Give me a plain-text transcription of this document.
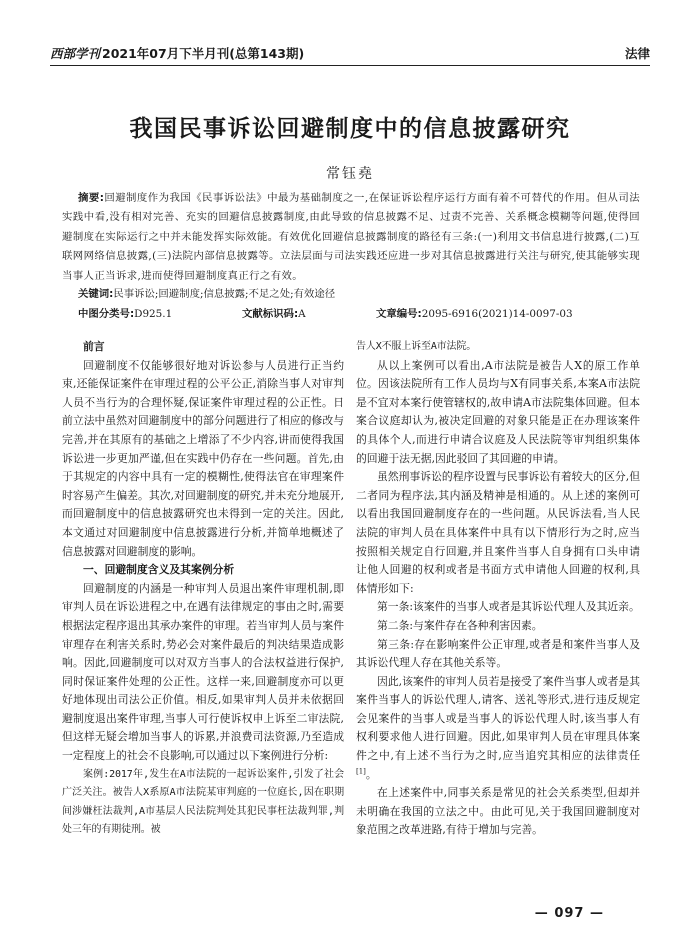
西部学刊 2021年07月下半月刊(总第143期)	法律
我国民事诉讼回避制度中的信息披露研究
常钰堯
摘要:回避制度作为我国《民事诉讼法》中最为基础制度之一,在保证诉讼程序运行方面有着不可替代的作用。但从司法实践中看,没有相对完善、充实的回避信息披露制度,由此导致的信息披露不足、过责不完善、关系概念模糊等问题,使得回避制度在实际运行之中并未能发挥实际效能。有效优化回避信息披露制度的路径有三条:(一)利用文书信息进行披露,(二)互联网网络信息披露,(三)法院内部信息披露等。立法层面与司法实践还应进一步对其信息披露进行关注与研究,使其能够实现当事人正当诉求,进而使得回避制度真正行之有效。
关键词:民事诉讼;回避制度;信息披露;不足之处;有效途径
中图分类号:D925.1	文献标识码:A	文章编号:2095-6916(2021)14-0097-03

前言

回避制度不仅能够很好地对诉讼参与人员进行正当约束,还能保证案件在审理过程的公平公正,消除当事人对审判人员不当行为的合理怀疑,保证案件审理过程的公正性。日前立法中虽然对回避制度中的部分问题进行了相应的修改与完善,并在其原有的基础之上增添了不少内容,讲而使得我国诉讼进一步更加严谨,但在实践中仍存在一些问题。首先,由于其规定的内容中具有一定的模糊性,使得法官在审理案件时容易产生偏差。其次,对回避制度的研究,并未充分地展开,而回避制度中的信息披露研究也未得到一定的关注。因此,本文通过对回避制度中信息披露进行分析,并简单地概述了信息披露对回避制度的影响。

一、回避制度含义及其案例分析

回避制度的内涵是一种审判人员退出案件审理机制,即审判人员在诉讼进程之中,在遇有法律规定的事由之时,需要根据法定程序退出其承办案件的审理。若当审判人员与案件审理存在利害关系时,势必会对案件最后的判决结果造成影响。因此,回避制度可以对双方当事人的合法权益进行保护,同时保证案件处理的公正性。这样一来,回避制度亦可以更好地体现出司法公正价值。相反,如果审判人员并未依据回避制度退出案件审理,当事人可行使诉权申上诉至二审法院,但这样无疑会增加当事人的诉累,并浪费司法资源,乃至造成一定程度上的社会不良影响,可以通过以下案例进行分析:

案例:2017年,发生在A市法院的一起诉讼案件,引发了社会广泛关注。被告人X系原A市法院某审判庭的一位庭长,因在职期间涉嫌枉法裁判,A市基层人民法院判处其犯民事枉法裁判罪,判处三年的有期徒刑。被

告人X不服上诉至A市法院。

从以上案例可以看出,A市法院是被告人X的原工作单位。因该法院所有工作人员均与X有同事关系,本案A市法院是不宜对本案行使管辖权的,故申请A市法院集体回避。但本案合议庭却认为,被决定回避的对象只能是正在办理该案件的具体个人,而进行申请合议庭及人民法院等审判组织集体的回避于法无据,因此驳回了其回避的申请。

虽然刑事诉讼的程序设置与民事诉讼有着较大的区分,但二者同为程序法,其内涵及精神是相通的。从上述的案例可以看出我国回避制度存在的一些问题。从民诉法看,当人民法院的审判人员在具体案件中具有以下情形行为之时,应当按照相关规定自行回避,并且案件当事人自身拥有口头申请让他人回避的权利或者是书面方式申请他人回避的权利,具体情形如下:

第一条:该案件的当事人或者是其诉讼代理人及其近亲。

第二条:与案件存在各种利害因素。

第三条:存在影响案件公正审理,或者是和案件当事人及其诉讼代理人存在其他关系等。

因此,该案件的审判人员若是接受了案件当事人或者是其案件当事人的诉讼代理人,请客、送礼等形式,进行违反规定会见案件的当事人或是当事人的诉讼代理人时,该当事人有权利要求他人进行回避。因此,如果审判人员在审理具体案件之中,有上述不当行为之时,应当追究其相应的法律责任[1]。

在上述案件中,同事关系是常见的社会关系类型,但却并未明确在我国的立法之中。由此可见,关于我国回避制度对象范围之改革进路,有待于增加与完善。

— 097 —
